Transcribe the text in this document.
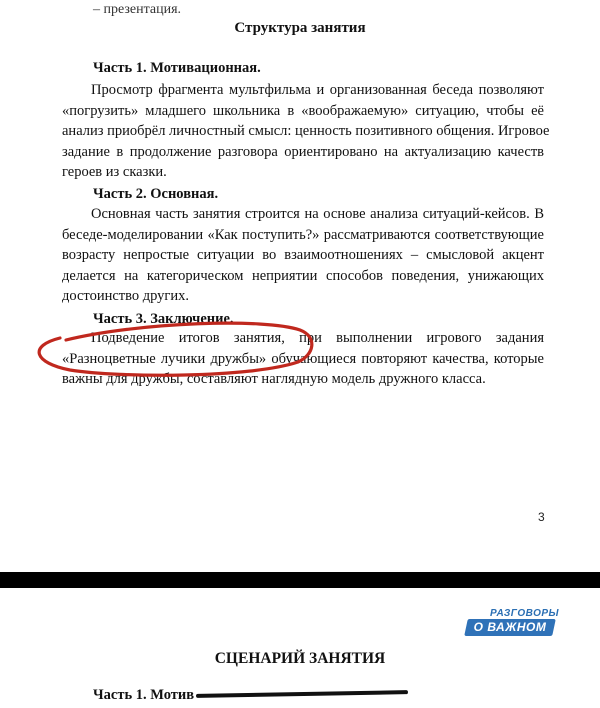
– презентация.
Структура занятия
Часть 1. Мотивационная.
Просмотр фрагмента мультфильма и организованная беседа позволяют
«погрузить» младшего школьника в «воображаемую» ситуацию, чтобы её
анализ приобрёл личностный смысл: ценность позитивного общения. Игровое
задание в продолжение разговора ориентировано на актуализацию качеств
героев из сказки.
Часть 2. Основная.
Основная часть занятия строится на основе анализа ситуаций-кейсов. В
беседе-моделировании «Как поступить?» рассматриваются соответствующие
возрасту непростые ситуации во взаимоотношениях – смысловой акцент
делается на категорическом неприятии способов поведения, унижающих
достоинство других.
Часть 3. Заключение.
Подведение итогов занятия, при выполнении игрового задания
«Разноцветные лучики дружбы» обучающиеся повторяют качества, которые
важны для дружбы, составляют наглядную модель дружного класса.
3
РАЗГОВОРЫ
О ВАЖНОМ
СЦЕНАРИЙ ЗАНЯТИЯ
Часть 1. Мотив
